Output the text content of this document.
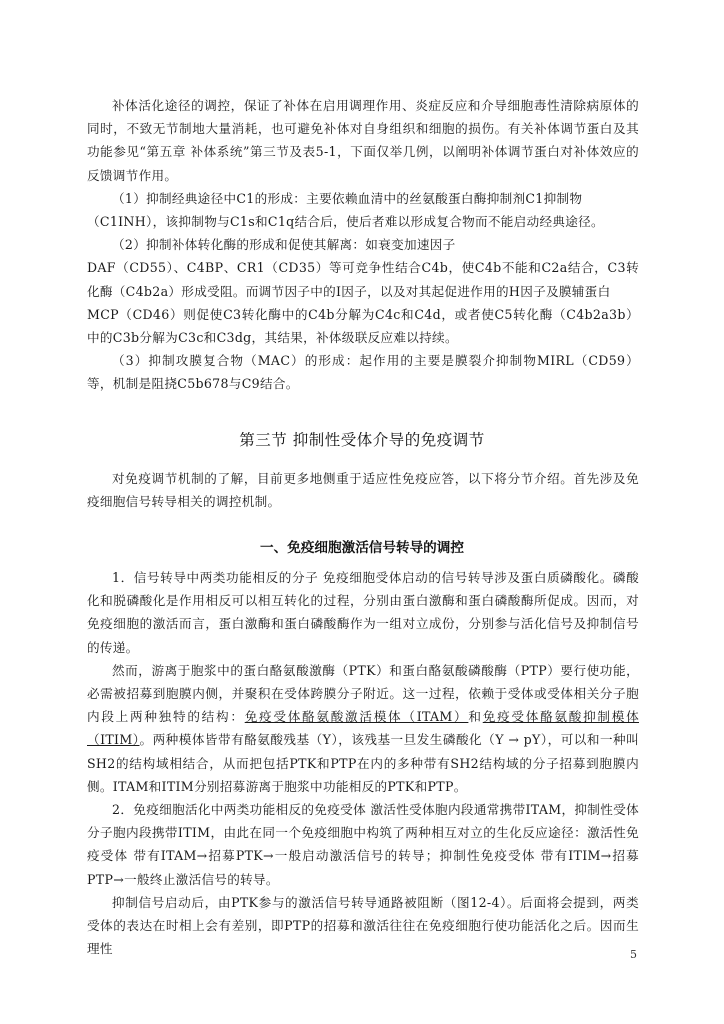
补体活化途径的调控，保证了补体在启用调理作用、炎症反应和介导细胞毒性清除病原体的同时，不致无节制地大量消耗，也可避免补体对自身组织和细胞的损伤。有关补体调节蛋白及其功能参见“第五章 补体系统”第三节及表5-1，下面仅举几例，以阐明补体调节蛋白对补体效应的反馈调节作用。

（1）抑制经典途径中C1的形成：主要依赖血清中的丝氨酸蛋白酶抑制剂C1抑制物

（C1INH），该抑制物与C1s和C1q结合后，使后者难以形成复合物而不能启动经典途径。

（2）抑制补体转化酶的形成和促使其解离：如衰变加速因子

DAF（CD55）、C4BP、CR1（CD35）等可竞争性结合C4b，使C4b不能和C2a结合，C3转化酶（C4b2a）形成受阻。而调节因子中的I因子，以及对其起促进作用的H因子及膜辅蛋白

MCP（CD46）则促使C3转化酶中的C4b分解为C4c和C4d，或者使C5转化酶（C4b2a3b）中的C3b分解为C3c和C3dg，其结果，补体级联反应难以持续。

（3）抑制攻膜复合物（MAC）的形成：起作用的主要是膜裂介抑制物MIRL（CD59）等，机制是阻挠C5b678与C9结合。

第三节 抑制性受体介导的免疫调节

对免疫调节机制的了解，目前更多地侧重于适应性免疫应答，以下将分节介绍。首先涉及免疫细胞信号转导相关的调控机制。

一、免疫细胞激活信号转导的调控

1．信号转导中两类功能相反的分子 免疫细胞受体启动的信号转导涉及蛋白质磷酸化。磷酸化和脱磷酸化是作用相反可以相互转化的过程，分别由蛋白激酶和蛋白磷酸酶所促成。因而，对免疫细胞的激活而言，蛋白激酶和蛋白磷酸酶作为一组对立成份，分别参与活化信号及抑制信号的传递。

然而，游离于胞浆中的蛋白酪氨酸激酶（PTK）和蛋白酪氨酸磷酸酶（PTP）要行使功能，必需被招募到胞膜内侧，并聚积在受体跨膜分子附近。这一过程，依赖于受体或受体相关分子胞内段上两种独特的结构：免疫受体酪氨酸激活模体（ITAM）和免疫受体酪氨酸抑制模体（ITIM）。两种模体皆带有酪氨酸残基（Y），该残基一旦发生磷酸化（Y → pY），可以和一种叫SH2的结构域相结合，从而把包括PTK和PTP在内的多种带有SH2结构域的分子招募到胞膜内侧。ITAM和ITIM分别招募游离于胞浆中功能相反的PTK和PTP。

2．免疫细胞活化中两类功能相反的免疫受体 激活性受体胞内段通常携带ITAM，抑制性受体分子胞内段携带ITIM，由此在同一个免疫细胞中构筑了两种相互对立的生化反应途径：激活性免疫受体 带有ITAM→招募PTK→一般启动激活信号的转导；抑制性免疫受体 带有ITIM→招募PTP→一般终止激活信号的转导。

抑制信号启动后，由PTK参与的激活信号转导通路被阻断（图12-4）。后面将会提到，两类受体的表达在时相上会有差别，即PTP的招募和激活往往在免疫细胞行使功能活化之后。因而生理性	5
